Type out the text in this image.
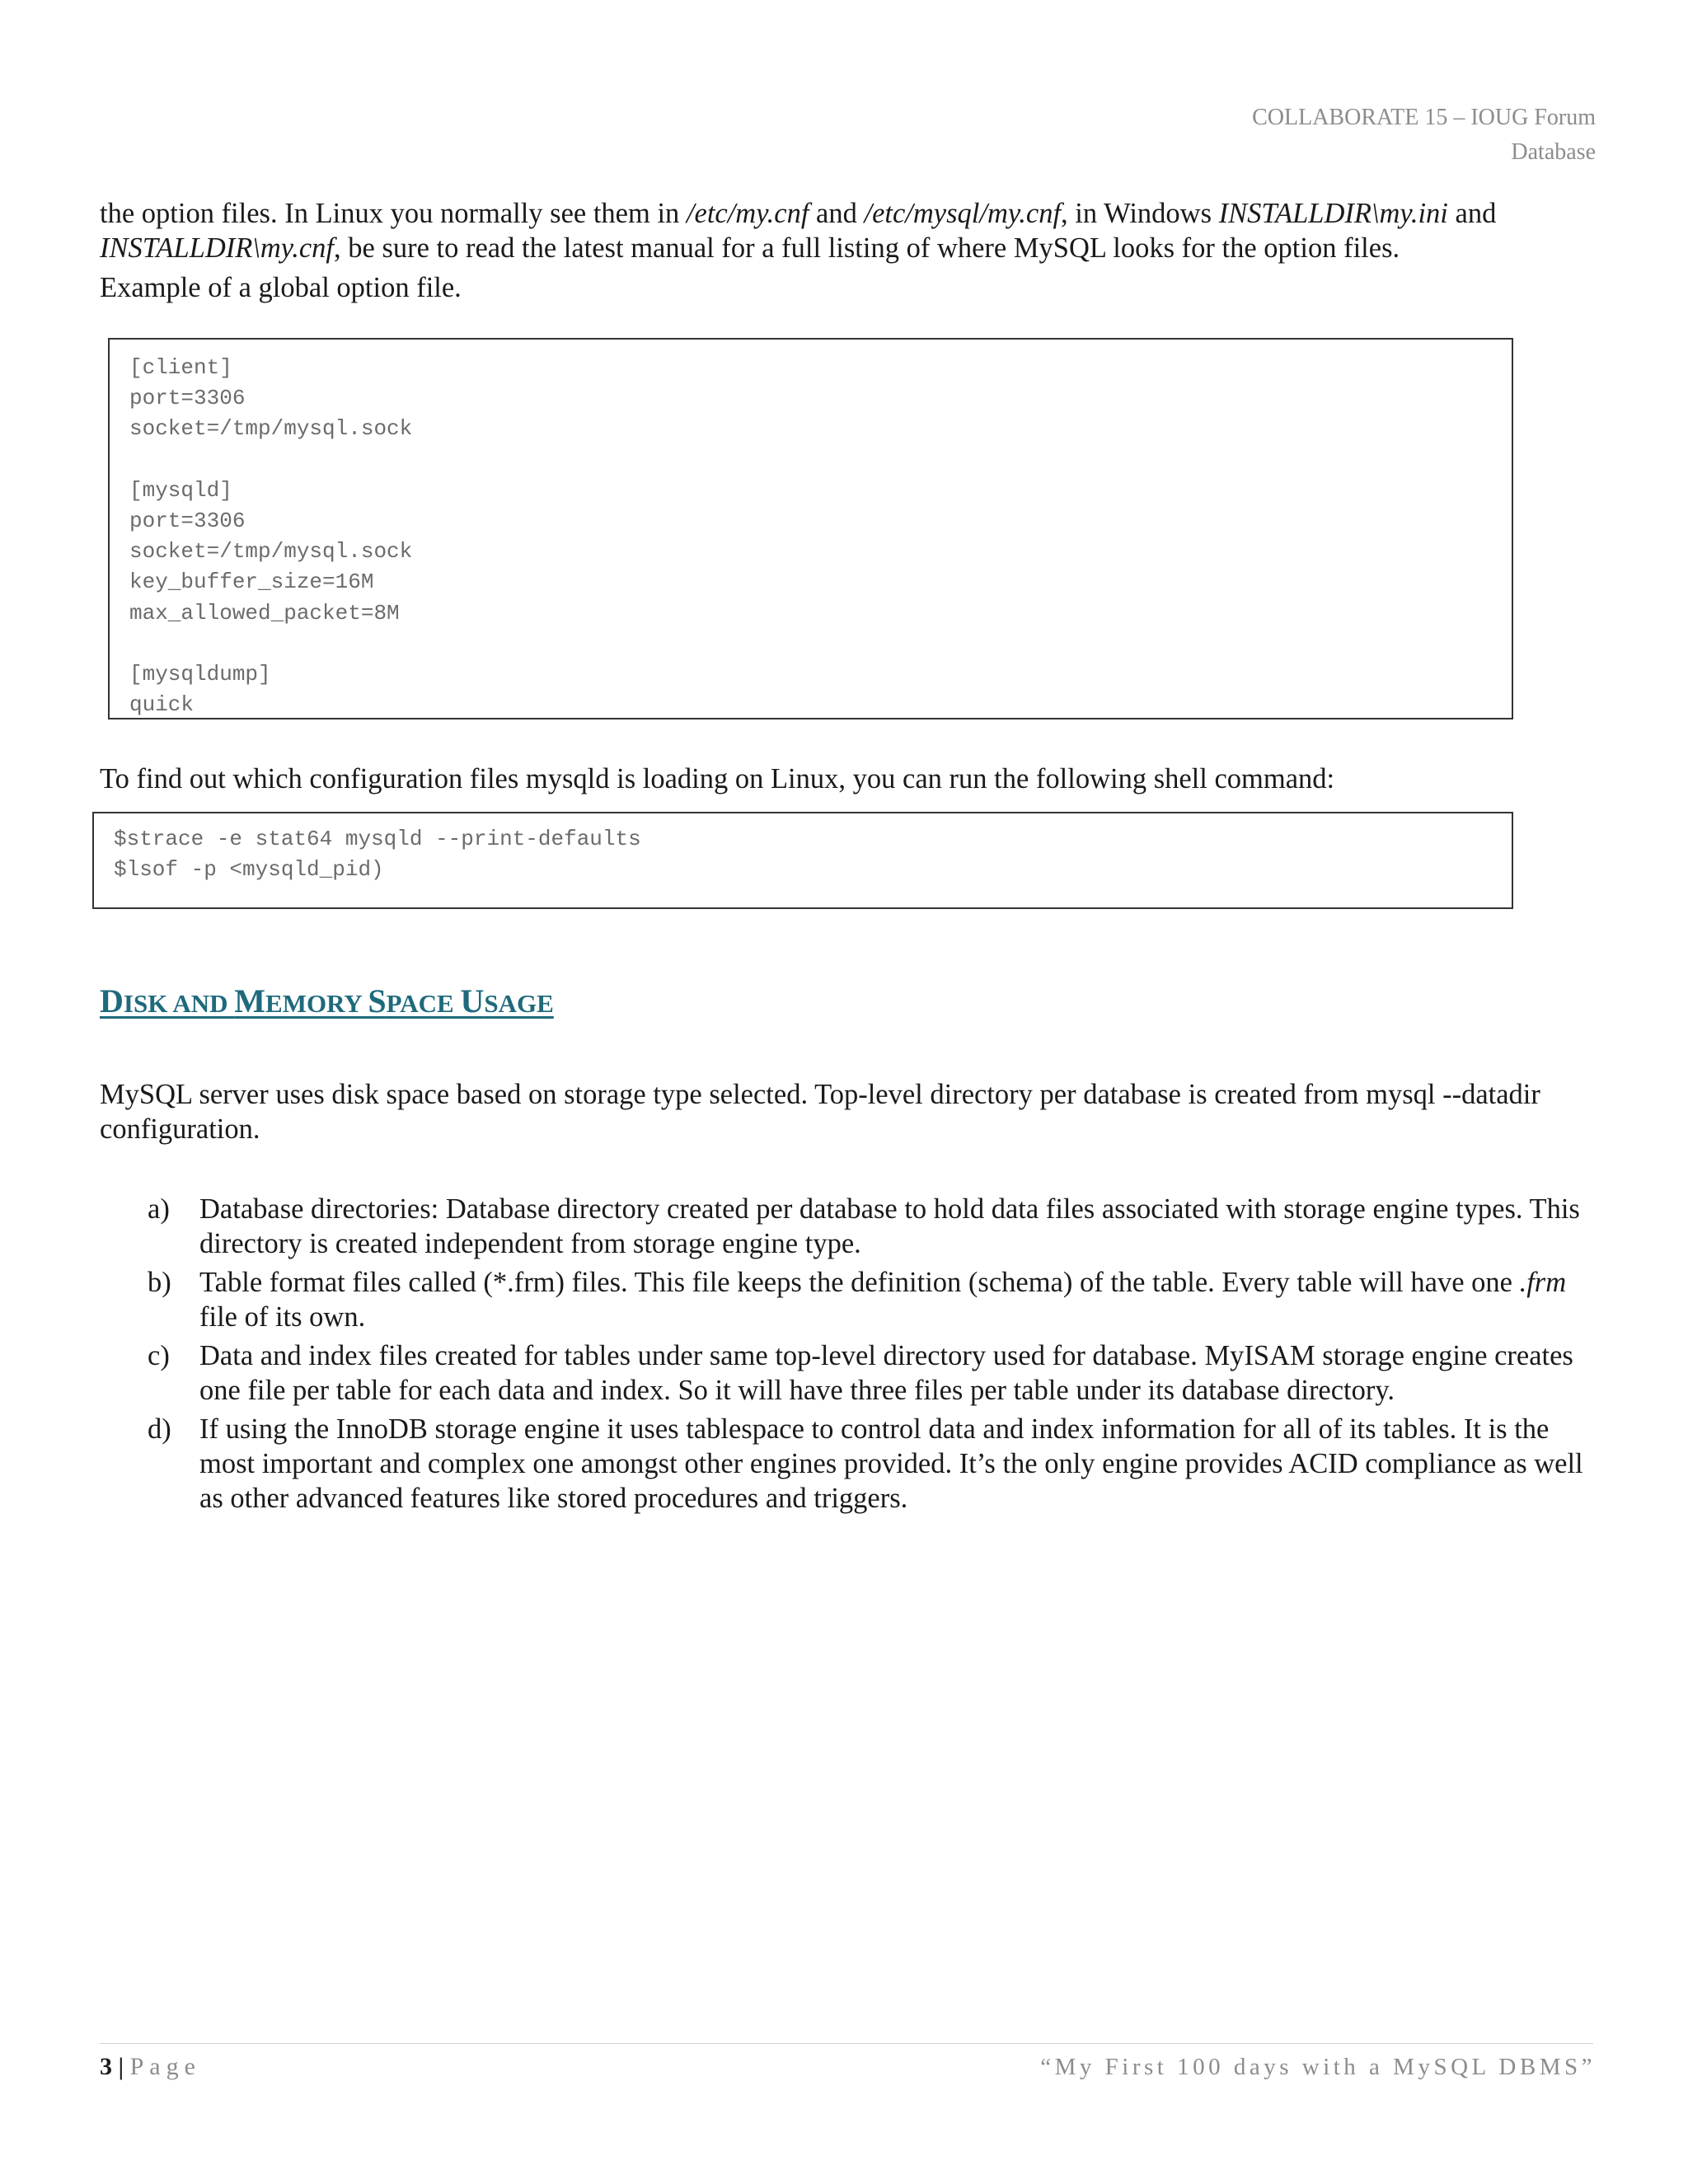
COLLABORATE 15 – IOUG Forum
Database

the option files. In Linux you normally see them in /etc/my.cnf and /etc/mysql/my.cnf, in Windows INSTALLDIR\my.ini and INSTALLDIR\my.cnf, be sure to read the latest manual for a full listing of where MySQL looks for the option files.

Example of a global option file.

[client]
port=3306
socket=/tmp/mysql.sock

[mysqld]
port=3306
socket=/tmp/mysql.sock
key_buffer_size=16M
max_allowed_packet=8M

[mysqldump]
quick

To find out which configuration files mysqld is loading on Linux, you can run the following shell command:

$strace -e stat64 mysqld --print-defaults
$lsof -p <mysqld_pid)
DISK AND MEMORY SPACE USAGE

MySQL server uses disk space based on storage type selected. Top-level directory per database is created from mysql --datadir configuration.

a) Database directories: Database directory created per database to hold data files associated with storage engine types. This directory is created independent from storage engine type.
b) Table format files called (*.frm) files. This file keeps the definition (schema) of the table. Every table will have one .frm file of its own.
c) Data and index files created for tables under same top-level directory used for database. MyISAM storage engine creates one file per table for each data and index. So it will have three files per table under its database directory.
d) If using the InnoDB storage engine it uses tablespace to control data and index information for all of its tables. It is the most important and complex one amongst other engines provided. It’s the only engine provides ACID compliance as well as other advanced features like stored procedures and triggers.
3 | Page	“My First 100 days with a MySQL DBMS”
